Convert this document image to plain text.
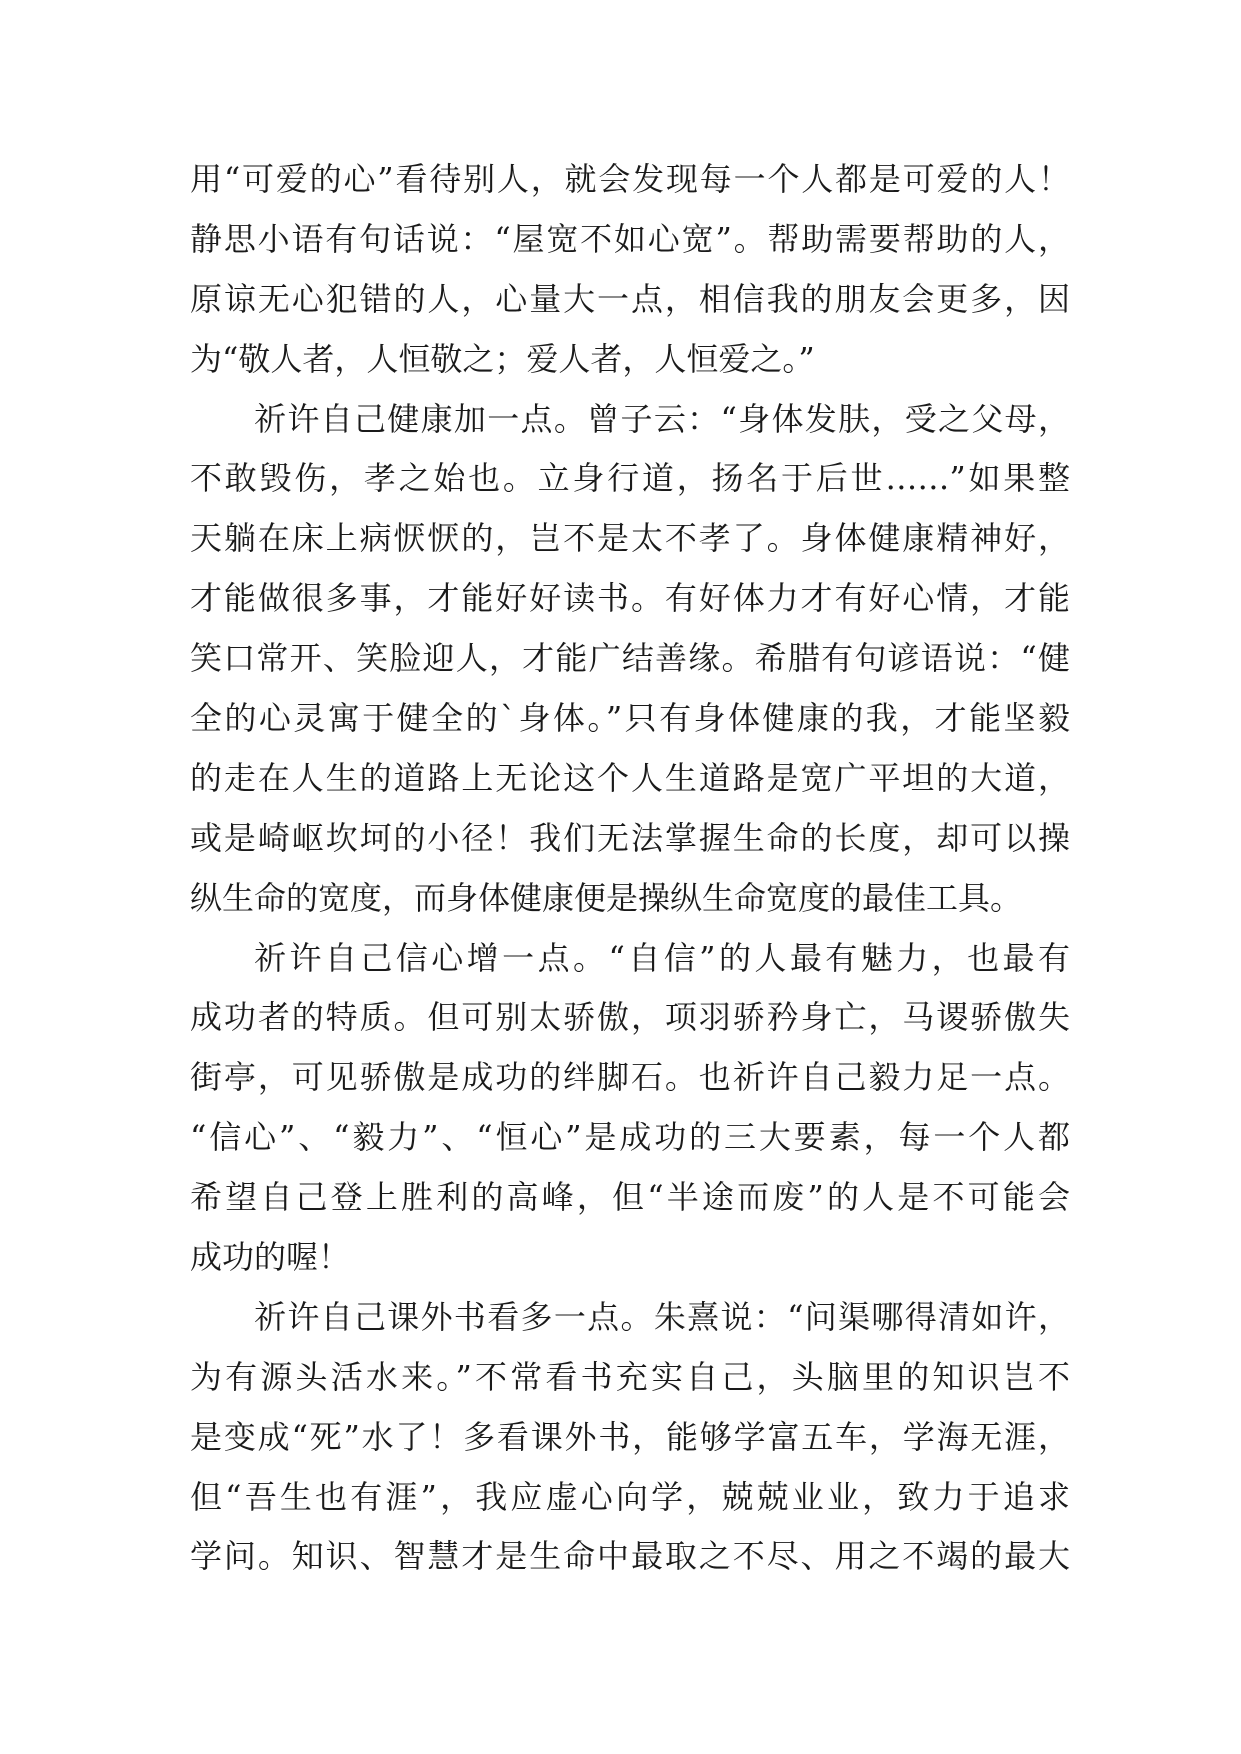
用“可爱的心”看待别人，就会发现每一个人都是可爱的人！
静思小语有句话说：“屋宽不如心宽”。帮助需要帮助的人，
原谅无心犯错的人，心量大一点，相信我的朋友会更多，因
为“敬人者，人恒敬之；爱人者，人恒爱之。”
祈许自己健康加一点。曾子云：“身体发肤，受之父母，
不敢毁伤，孝之始也。立身行道，扬名于后世……”如果整
天躺在床上病恹恹的，岂不是太不孝了。身体健康精神好，
才能做很多事，才能好好读书。有好体力才有好心情，才能
笑口常开、笑脸迎人，才能广结善缘。希腊有句谚语说：“健
全的心灵寓于健全的`身体。”只有身体健康的我，才能坚毅
的走在人生的道路上无论这个人生道路是宽广平坦的大道，
或是崎岖坎坷的小径！我们无法掌握生命的长度，却可以操
纵生命的宽度，而身体健康便是操纵生命宽度的最佳工具。
祈许自己信心增一点。“自信”的人最有魅力，也最有
成功者的特质。但可别太骄傲，项羽骄矜身亡，马谡骄傲失
街亭，可见骄傲是成功的绊脚石。也祈许自己毅力足一点。
“信心”、“毅力”、“恒心”是成功的三大要素，每一个人都
希望自己登上胜利的高峰，但“半途而废”的人是不可能会
成功的喔！
祈许自己课外书看多一点。朱熹说：“问渠哪得清如许，
为有源头活水来。”不常看书充实自己，头脑里的知识岂不
是变成“死”水了！多看课外书，能够学富五车，学海无涯，
但“吾生也有涯”，我应虚心向学，兢兢业业，致力于追求
学问。知识、智慧才是生命中最取之不尽、用之不竭的最大
